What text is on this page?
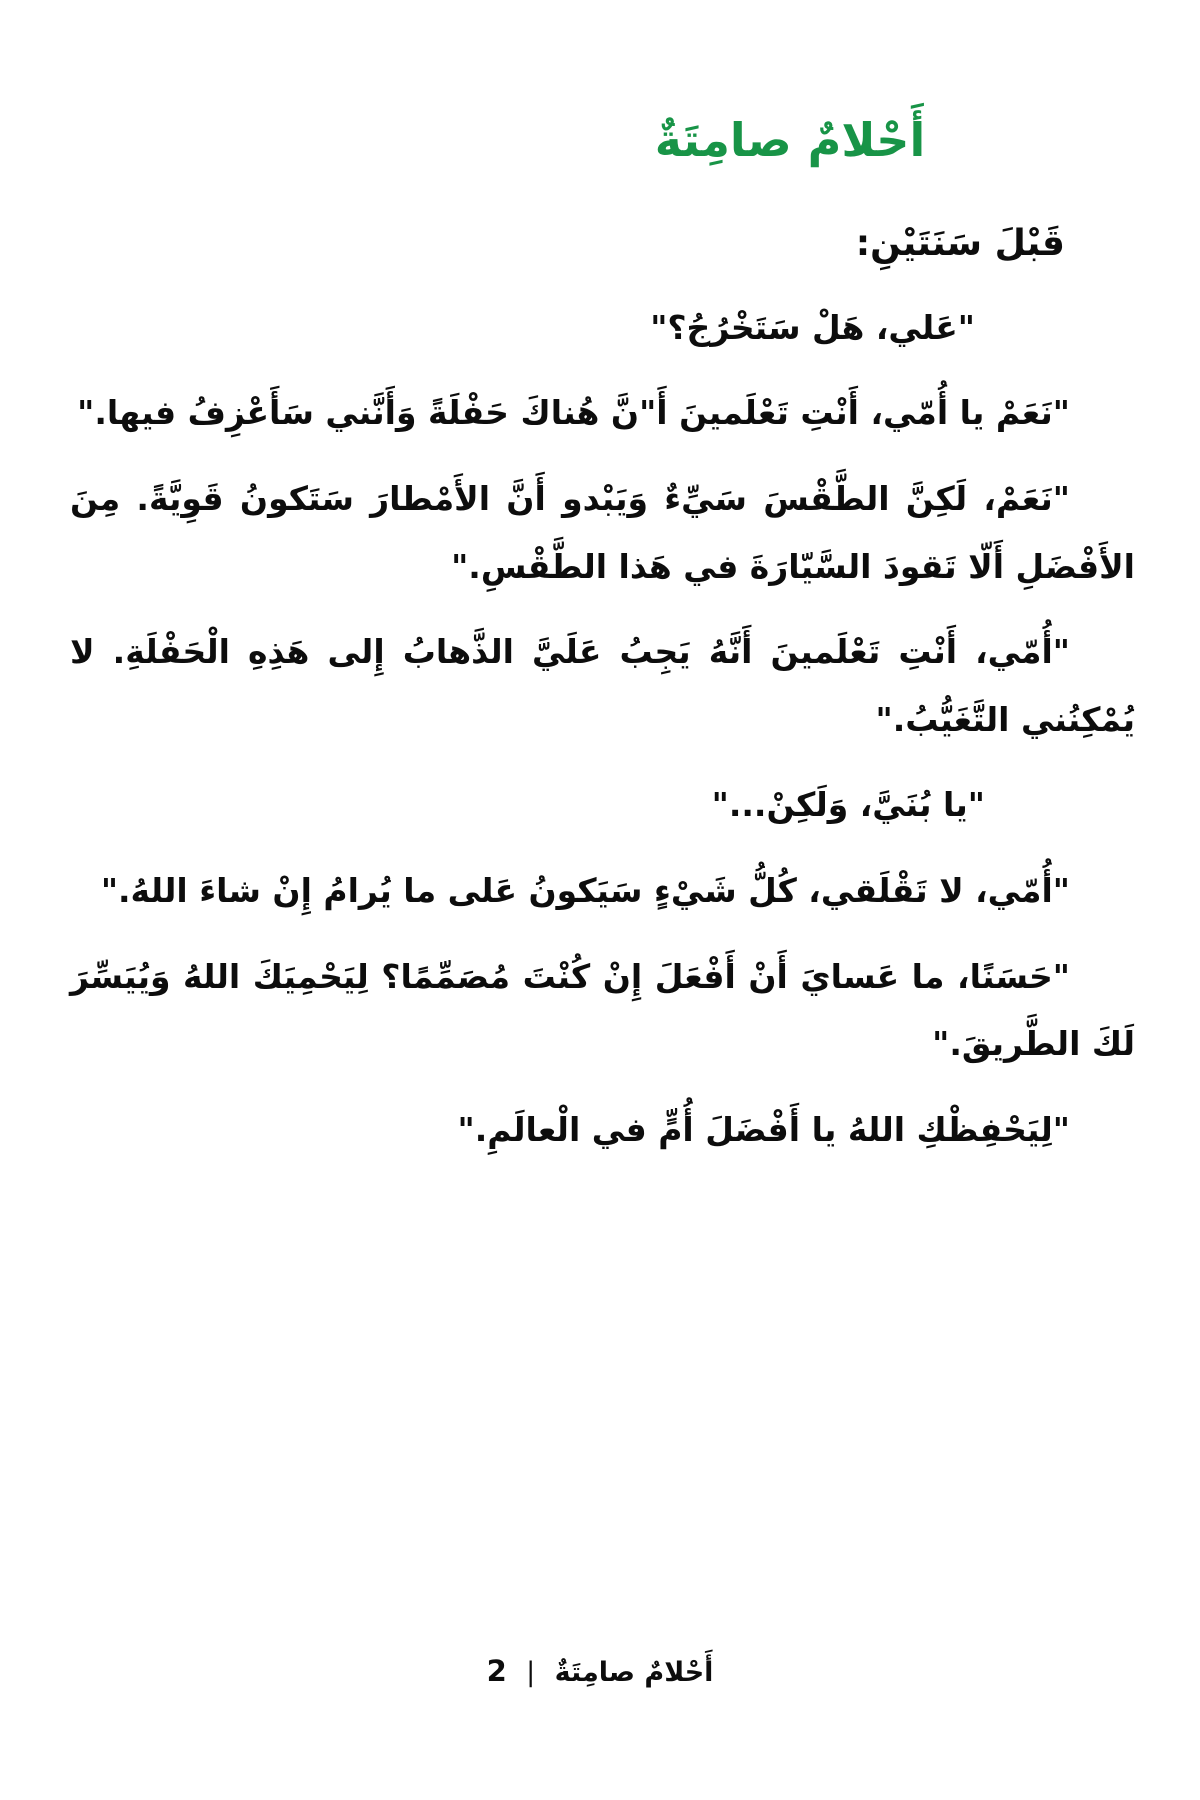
أَحْلامٌ صامِتَةٌ
قَبْلَ سَنَتَيْنِ:

"عَلي، هَلْ سَتَخْرُجُ؟"

"نَعَمْ يا أُمّي، أَنْتِ تَعْلَمينَ أَ"نَّ هُناكَ حَفْلَةً وَأَنَّني سَأَعْزِفُ فيها."

"نَعَمْ، لَكِنَّ الطَّقْسَ سَيِّءٌ وَيَبْدو أَنَّ الأَمْطارَ سَتَكونُ قَوِيَّةً. مِنَ الأَفْضَلِ أَلّا تَقودَ السَّيّارَةَ في هَذا الطَّقْسِ."

"أُمّي، أَنْتِ تَعْلَمينَ أَنَّهُ يَجِبُ عَلَيَّ الذَّهابُ إِلى هَذِهِ الْحَفْلَةِ. لا يُمْكِنُني التَّغَيُّبُ."

"يا بُنَيَّ، وَلَكِنْ..."

"أُمّي، لا تَقْلَقي، كُلُّ شَيْءٍ سَيَكونُ عَلى ما يُرامُ إِنْ شاءَ اللهُ."

"حَسَنًا، ما عَسايَ أَنْ أَفْعَلَ إِنْ كُنْتَ مُصَمِّمًا؟ لِيَحْمِيَكَ اللهُ وَيُيَسِّرَ لَكَ الطَّريقَ."

"لِيَحْفِظْكِ اللهُ يا أَفْضَلَ أُمٍّ في الْعالَمِ."

أَحْلامٌ صامِتَةٌ | 2
